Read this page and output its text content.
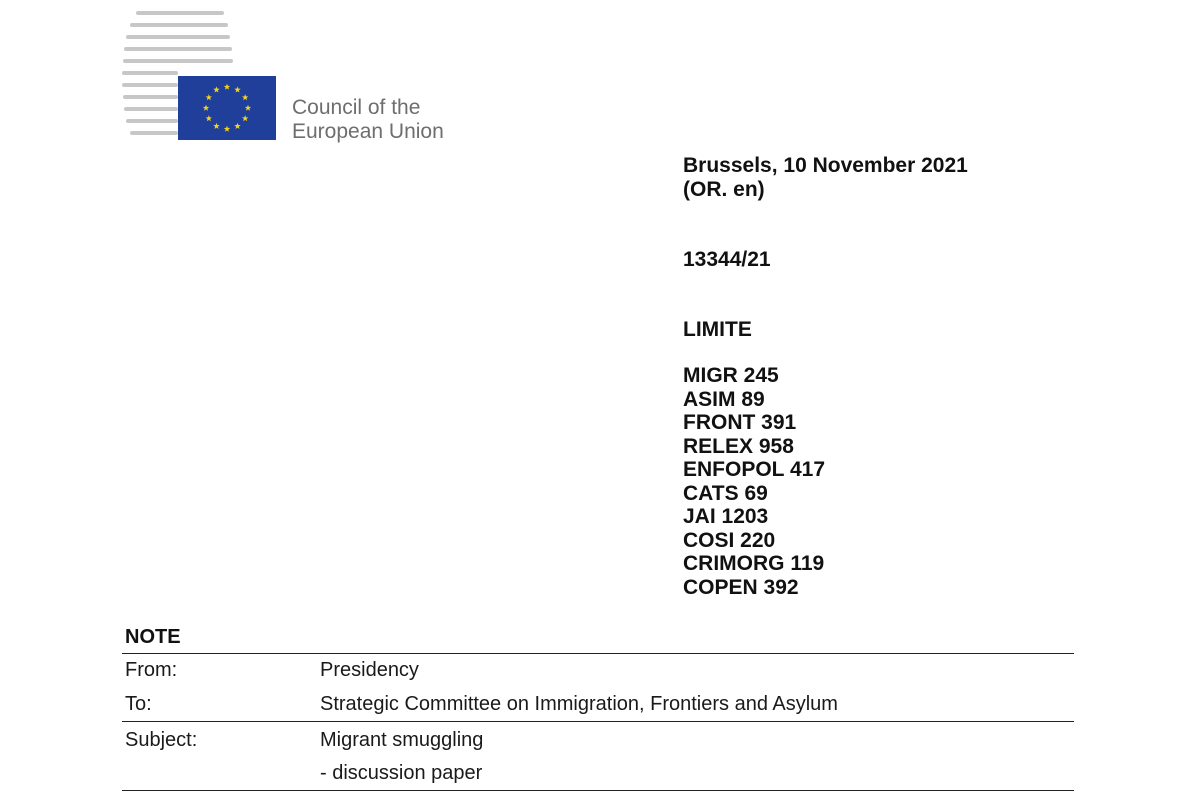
Council of the
European Union
Brussels, 10 November 2021
(OR. en)
13344/21
LIMITE
MIGR 245
ASIM 89
FRONT 391
RELEX 958
ENFOPOL 417
CATS 69
JAI 1203
COSI 220
CRIMORG 119
COPEN 392
NOTE
From:	Presidency
To:	Strategic Committee on Immigration, Frontiers and Asylum
Subject:	Migrant smuggling
- discussion paper
